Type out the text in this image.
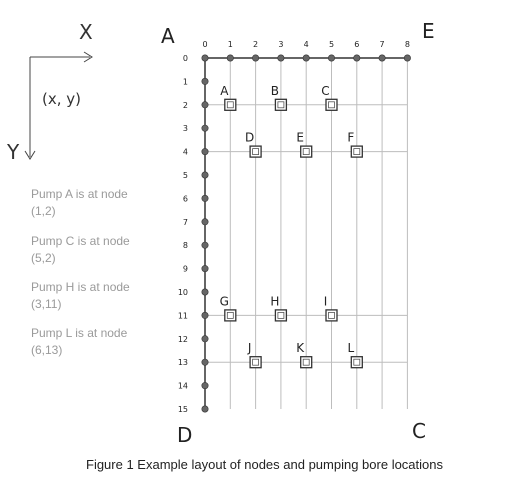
X
Y
(x, y)
A	E
D	C
0	1	2	3	4	5	6	7	8
0
1
2
3
4
5
6
7
8
9
10
11
12
13
14
15
A	B	C
D	E	F
G	H	I
J	K	L
Pump A is at node (1,2)
Pump C is at node (5,2)
Pump H is at node (3,11)
Pump L is at node (6,13)
Figure 1 Example layout of nodes and pumping bore locations
